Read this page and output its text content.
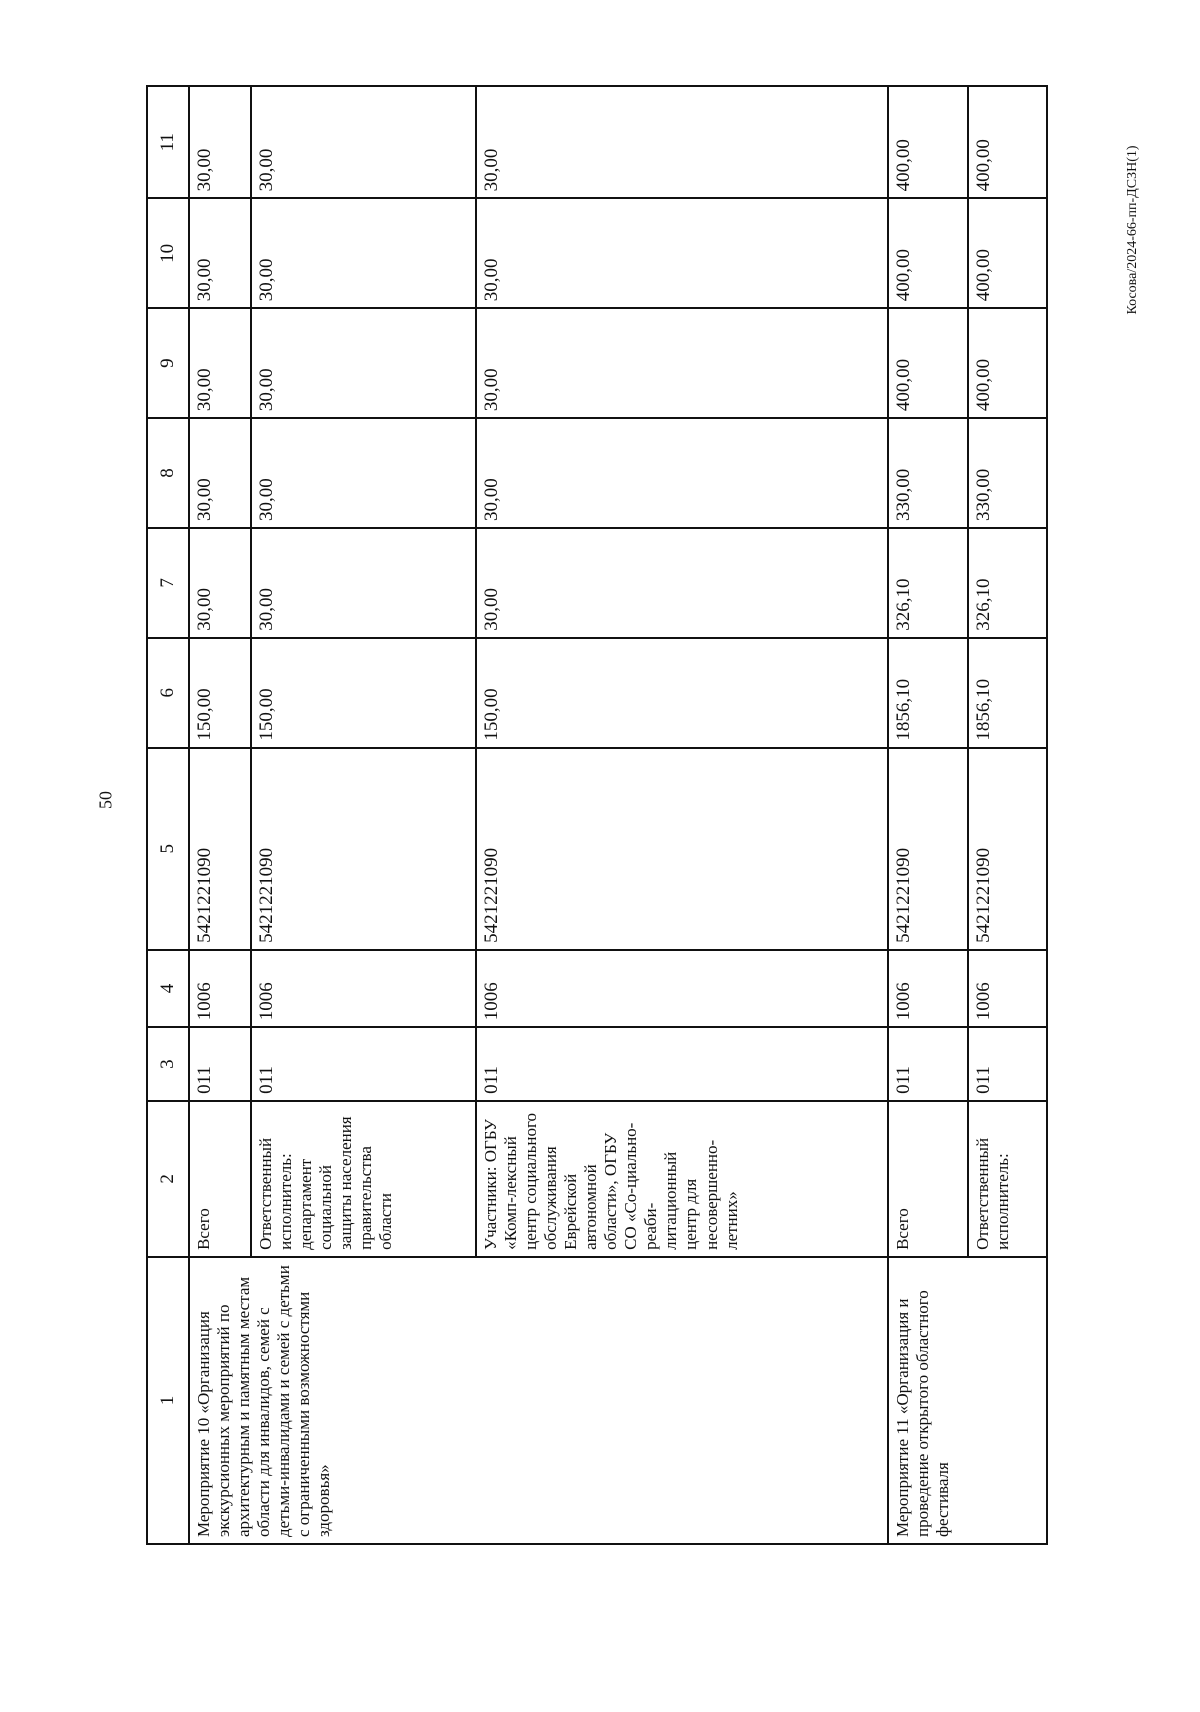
50
Косова/2024-66-пп-ДСЗН(1)
1	2	3	4	5	6	7	8	9	10	11
Мероприятие 10 «Организация экскурсионных мероприятий по архитектурным и памятным местам области для инвалидов, семей с детьми-инвалидами и семей с детьми с ограниченными возможностями здоровья»	Всего	011	1006	5421221090	150,00	30,00	30,00	30,00	30,00	30,00
	Ответственный исполнитель: департамент социальной защиты населения правительства области	011	1006	5421221090	150,00	30,00	30,00	30,00	30,00	30,00
	Участники: ОГБУ «Комп-лексный центр социального обслуживания Еврейской автономной области», ОГБУ СО «Со-циально-реаби-литационный центр для несовершенно-летних»	011	1006	5421221090	150,00	30,00	30,00	30,00	30,00	30,00
Мероприятие 11 «Организация и проведение открытого областного фестиваля	Всего	011	1006	5421221090	1856,10	326,10	330,00	400,00	400,00	400,00
	Ответственный исполнитель:	011	1006	5421221090	1856,10	326,10	330,00	400,00	400,00	400,00
